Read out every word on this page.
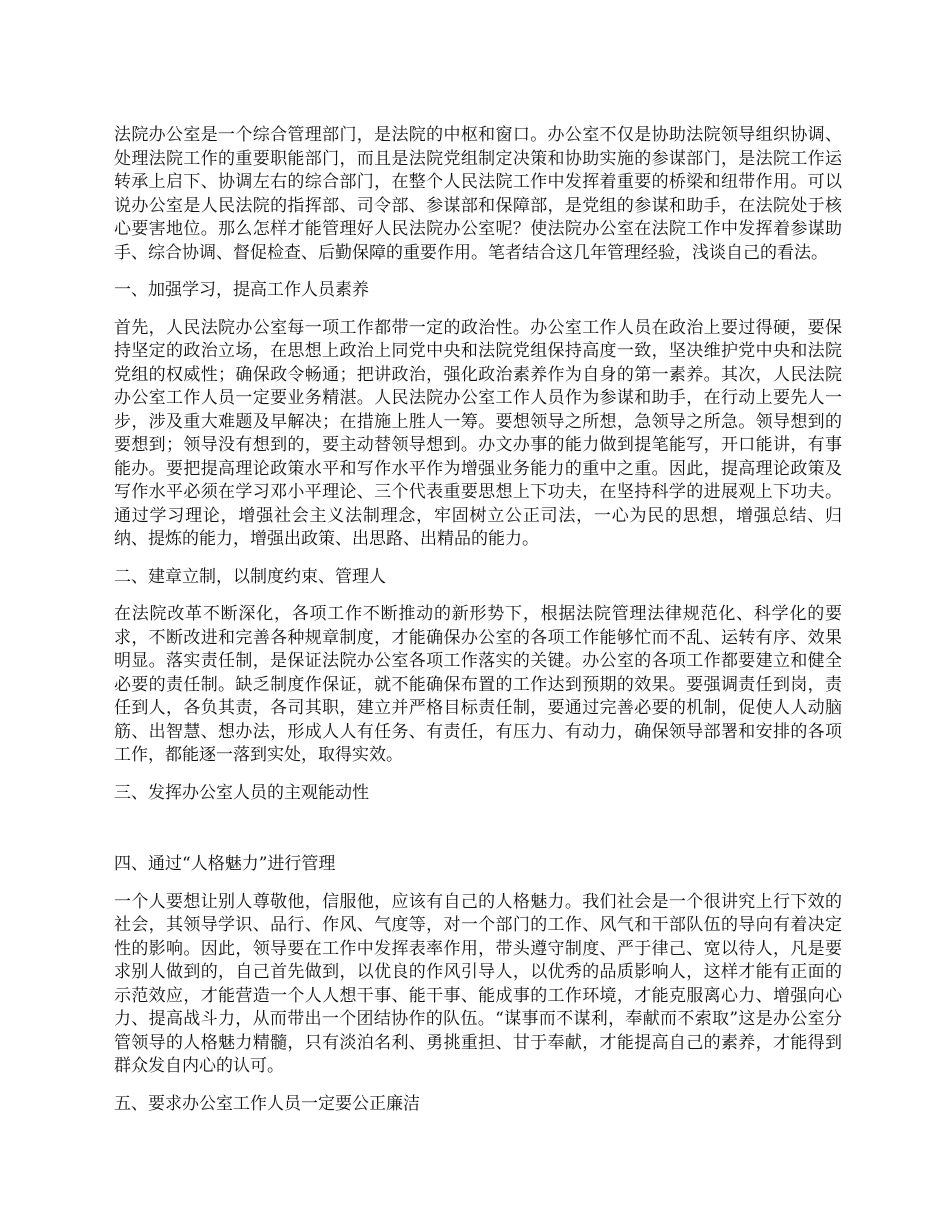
法院办公室是一个综合管理部门，是法院的中枢和窗口。办公室不仅是协助法院领导组织协调、处理法院工作的重要职能部门，而且是法院党组制定决策和协助实施的参谋部门，是法院工作运转承上启下、协调左右的综合部门，在整个人民法院工作中发挥着重要的桥梁和纽带作用。可以说办公室是人民法院的指挥部、司令部、参谋部和保障部，是党组的参谋和助手，在法院处于核心要害地位。那么怎样才能管理好人民法院办公室呢？使法院办公室在法院工作中发挥着参谋助手、综合协调、督促检查、后勤保障的重要作用。笔者结合这几年管理经验，浅谈自己的看法。

一、加强学习，提高工作人员素养

首先，人民法院办公室每一项工作都带一定的政治性。办公室工作人员在政治上要过得硬，要保持坚定的政治立场，在思想上政治上同党中央和法院党组保持高度一致，坚决维护党中央和法院党组的权威性；确保政令畅通；把讲政治，强化政治素养作为自身的第一素养。其次，人民法院办公室工作人员一定要业务精湛。人民法院办公室工作人员作为参谋和助手，在行动上要先人一步，涉及重大难题及早解决；在措施上胜人一筹。要想领导之所想，急领导之所急。领导想到的要想到；领导没有想到的，要主动替领导想到。办文办事的能力做到提笔能写，开口能讲，有事能办。要把提高理论政策水平和写作水平作为增强业务能力的重中之重。因此，提高理论政策及写作水平必须在学习邓小平理论、三个代表重要思想上下功夫，在坚持科学的进展观上下功夫。通过学习理论，增强社会主义法制理念，牢固树立公正司法，一心为民的思想，增强总结、归纳、提炼的能力，增强出政策、出思路、出精品的能力。

二、建章立制，以制度约束、管理人

在法院改革不断深化，各项工作不断推动的新形势下，根据法院管理法律规范化、科学化的要求，不断改进和完善各种规章制度，才能确保办公室的各项工作能够忙而不乱、运转有序、效果明显。落实责任制，是保证法院办公室各项工作落实的关键。办公室的各项工作都要建立和健全必要的责任制。缺乏制度作保证，就不能确保布置的工作达到预期的效果。要强调责任到岗，责任到人，各负其责，各司其职，建立并严格目标责任制，要通过完善必要的机制，促使人人动脑筋、出智慧、想办法，形成人人有任务、有责任，有压力、有动力，确保领导部署和安排的各项工作，都能逐一落到实处，取得实效。

三、发挥办公室人员的主观能动性

四、通过“人格魅力”进行管理

一个人要想让别人尊敬他，信服他，应该有自己的人格魅力。我们社会是一个很讲究上行下效的社会，其领导学识、品行、作风、气度等，对一个部门的工作、风气和干部队伍的导向有着决定性的影响。因此，领导要在工作中发挥表率作用，带头遵守制度、严于律己、宽以待人，凡是要求别人做到的，自己首先做到，以优良的作风引导人，以优秀的品质影响人，这样才能有正面的示范效应，才能营造一个人人想干事、能干事、能成事的工作环境，才能克服离心力、增强向心力、提高战斗力，从而带出一个团结协作的队伍。“谋事而不谋利，奉献而不索取”这是办公室分管领导的人格魅力精髓，只有淡泊名利、勇挑重担、甘于奉献，才能提高自己的素养，才能得到群众发自内心的认可。

五、要求办公室工作人员一定要公正廉洁
